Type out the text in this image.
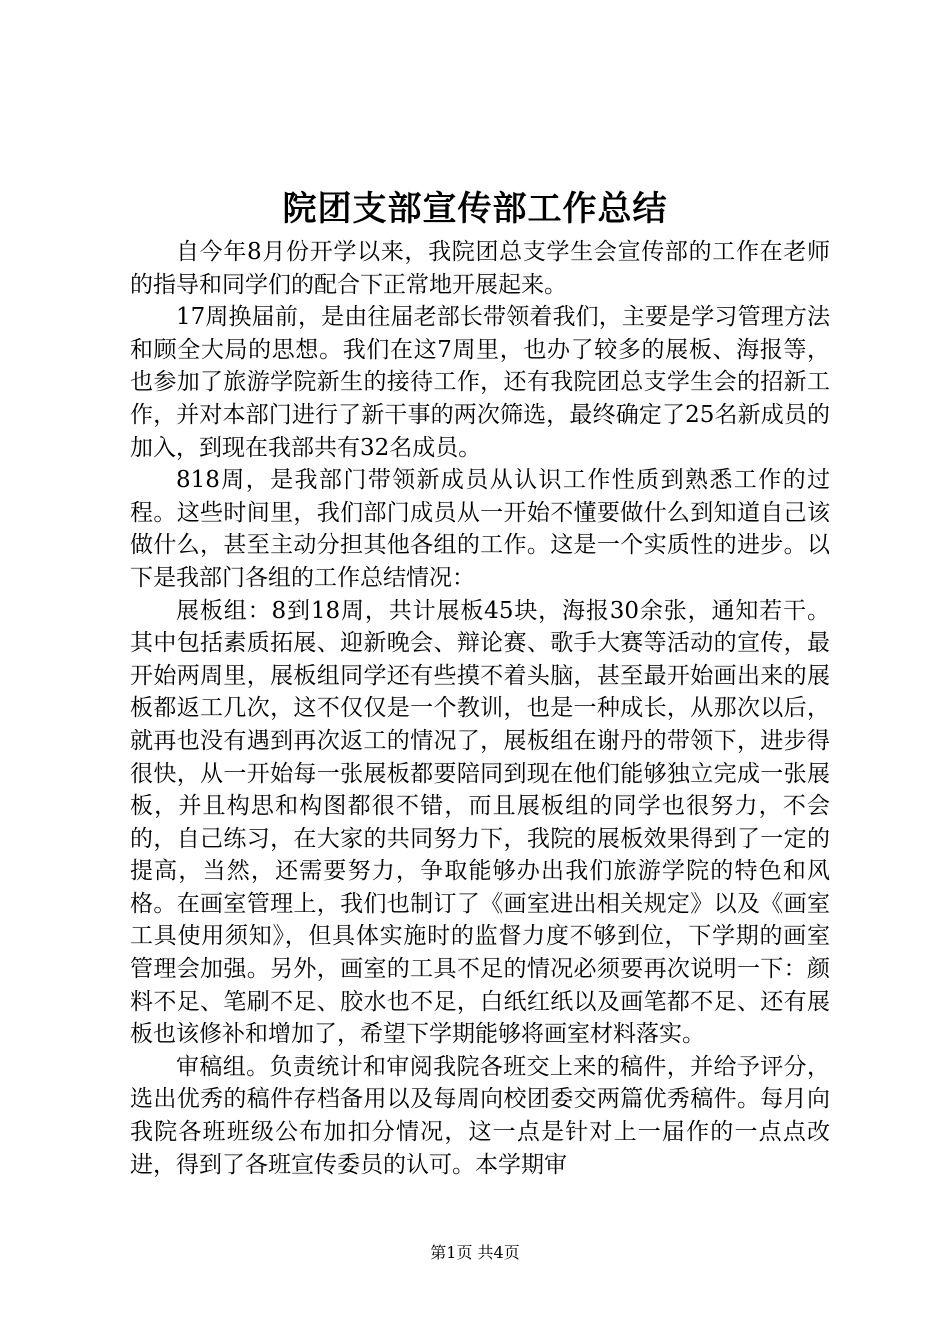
院团支部宣传部工作总结

自今年8月份开学以来，我院团总支学生会宣传部的工作在老师的指导和同学们的配合下正常地开展起来。

17周换届前，是由往届老部长带领着我们，主要是学习管理方法和顾全大局的思想。我们在这7周里，也办了较多的展板、海报等，也参加了旅游学院新生的接待工作，还有我院团总支学生会的招新工作，并对本部门进行了新干事的两次筛选，最终确定了25名新成员的加入，到现在我部共有32名成员。

818周，是我部门带领新成员从认识工作性质到熟悉工作的过程。这些时间里，我们部门成员从一开始不懂要做什么到知道自己该做什么，甚至主动分担其他各组的工作。这是一个实质性的进步。以下是我部门各组的工作总结情况：

展板组：8到18周，共计展板45块，海报30余张，通知若干。其中包括素质拓展、迎新晚会、辩论赛、歌手大赛等活动的宣传，最开始两周里，展板组同学还有些摸不着头脑，甚至最开始画出来的展板都返工几次，这不仅仅是一个教训，也是一种成长，从那次以后，就再也没有遇到再次返工的情况了，展板组在谢丹的带领下，进步得很快，从一开始每一张展板都要陪同到现在他们能够独立完成一张展板，并且构思和构图都很不错，而且展板组的同学也很努力，不会的，自己练习，在大家的共同努力下，我院的展板效果得到了一定的提高，当然，还需要努力，争取能够办出我们旅游学院的特色和风格。在画室管理上，我们也制订了《画室进出相关规定》以及《画室工具使用须知》，但具体实施时的监督力度不够到位，下学期的画室管理会加强。另外，画室的工具不足的情况必须要再次说明一下：颜料不足、笔刷不足、胶水也不足，白纸红纸以及画笔都不足、还有展板也该修补和增加了，希望下学期能够将画室材料落实。

审稿组。负责统计和审阅我院各班交上来的稿件，并给予评分，选出优秀的稿件存档备用以及每周向校团委交两篇优秀稿件。每月向我院各班班级公布加扣分情况，这一点是针对上一届作的一点点改进，得到了各班宣传委员的认可。本学期审

第1页 共4页
